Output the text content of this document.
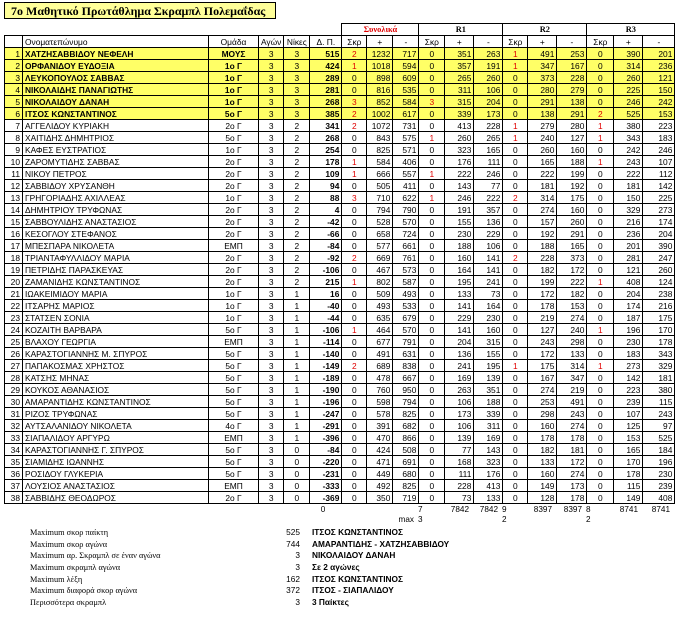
7ο Μαθητικό Πρωτάθλημα Σκραμπλ Πολεμαΐδας
						Συνολικά			R1			R2			R3		
	Ονοματεπώνυμο	Ομάδα	Αγών	Νίκες	Δ. Π.	Σκρ	+	-	Σκρ	+	-	Σκρ	+	-	Σκρ	+	-
1	ΧΑΤΖΗΣΑΒΒΙΔΟΥ ΝΕΦΕΛΗ	ΜΟΥΣ	3	3	515	2	1232	717	0	351	263	1	491	253	0	390	201
2	ΟΡΦΑΝΙΔΟΥ ΕΥΔΟΞΙΑ	1ο Γ	3	3	424	1	1018	594	0	357	191	1	347	167	0	314	236
3	ΛΕΥΚΟΠΟΥΛΟΣ ΣΑΒΒΑΣ	1ο Γ	3	3	289	0	898	609	0	265	260	0	373	228	0	260	121
4	ΝΙΚΟΛΑΙΔΗΣ ΠΑΝΑΓΙΩΤΗΣ	1ο Γ	3	3	281	0	816	535	0	311	106	0	280	279	0	225	150
5	ΝΙΚΟΛΑΙΔΟΥ ΔΑΝΑΗ	1ο Γ	3	3	268	3	852	584	3	315	204	0	291	138	0	246	242
6	ΙΤΣΟΣ ΚΩΝΣΤΑΝΤΙΝΟΣ	5ο Γ	3	3	385	2	1002	617	0	339	173	0	138	291	2	525	153
7	ΑΓΓΕΛΙΔΟΥ ΚΥΡΙΑΚΗ	2ο Γ	3	2	341	2	1072	731	0	413	228	1	279	280	1	380	223
8	ΧΑΙΤΙΔΗΣ ΔΗΜΗΤΡΙΟΣ	5ο Γ	3	2	268	0	843	575	1	260	265	1	240	127	1	343	183
9	ΚΑΦΕΣ ΕΥΣΤΡΑΤΙΟΣ	1ο Γ	3	2	254	0	825	571	0	323	165	0	260	160	0	242	246
10	ΖΑΡΟΜΥΤΙΔΗΣ ΣΑΒΒΑΣ	2ο Γ	3	2	178	1	584	406	0	176	111	0	165	188	1	243	107
11	ΝΙΚΟΥ ΠΕΤΡΟΣ	2ο Γ	3	2	109	1	666	557	1	222	246	0	222	199	0	222	112
12	ΣΑΒΒΙΔΟΥ ΧΡΥΣΑΝΘΗ	2ο Γ	3	2	94	0	505	411	0	143	77	0	181	192	0	181	142
13	ΓΡΗΓΟΡΙΑΔΗΣ ΑΧΙΛΛΕΑΣ	1ο Γ	3	2	88	3	710	622	1	246	222	2	314	175	0	150	225
14	ΔΗΜΗΤΡΙΟΥ ΤΡΥΦΩΝΑΣ	2ο Γ	3	2	4	0	794	790	0	191	357	0	274	160	0	329	273
15	ΣΑΒΒΟΥΛΙΔΗΣ ΑΝΑΣΤΑΣΙΟΣ	2ο Γ	3	2	-42	0	528	570	0	155	136	0	157	260	0	216	174
16	ΚΕΣΟΓΛΟΥ ΣΤΕΦΑΝΟΣ	2ο Γ	3	2	-66	0	658	724	0	230	229	0	192	291	0	236	204
17	ΜΠΕΣΠΑΡΑ ΝΙΚΟΛΕΤΑ	ΕΜΠ	3	2	-84	0	577	661	0	188	106	0	188	165	0	201	390
18	ΤΡΙΑΝΤΑΦΥΛΛΙΔΟΥ ΜΑΡΙΑ	2ο Γ	3	2	-92	2	669	761	0	160	141	2	228	373	0	281	247
19	ΠΕΤΡΙΔΗΣ ΠΑΡΑΣΚΕΥΑΣ	2ο Γ	3	2	-106	0	467	573	0	164	141	0	182	172	0	121	260
20	ΖΑΜΑΝΙΔΗΣ ΚΩΝΣΤΑΝΤΙΝΟΣ	2ο Γ	3	2	215	1	802	587	0	195	241	0	199	222	1	408	124
21	ΙΩΑΚΕΙΜΙΔΟΥ ΜΑΡΙΑ	1ο Γ	3	1	16	0	509	493	0	133	73	0	172	182	0	204	238
22	ΙΤΣΑΡΗΣ ΜΑΡΙΟΣ	1ο Γ	3	1	-40	0	493	533	0	141	164	0	178	153	0	174	216
23	ΣΤΑΤΣΕΝ ΣΟΝΙΑ	1ο Γ	3	1	-44	0	635	679	0	229	230	0	219	274	0	187	175
24	ΚΟΖΑΙΤΗ ΒΑΡΒΑΡΑ	5ο Γ	3	1	-106	1	464	570	0	141	160	0	127	240	1	196	170
25	ΒΛΑΧΟΥ ΓΕΩΡΓΙΑ	ΕΜΠ	3	1	-114	0	677	791	0	204	315	0	243	298	0	230	178
26	ΚΑΡΑΣΤΟΓΙΑΝΝΗΣ Μ. ΣΠΥΡΟΣ	5ο Γ	3	1	-140	0	491	631	0	136	155	0	172	133	0	183	343
27	ΠΑΠΑΚΟΣΜΑΣ ΧΡΗΣΤΟΣ	5ο Γ	3	1	-149	2	689	838	0	241	195	1	175	314	1	273	329
28	ΚΑΤΣΗΣ ΜΗΝΑΣ	5ο Γ	3	1	-189	0	478	667	0	169	139	0	167	347	0	142	181
29	ΚΟΥΚΟΣ ΑΘΑΝΑΣΙΟΣ	5ο Γ	3	1	-190	0	760	950	0	263	351	0	274	219	0	223	380
30	ΑΜΑΡΑΝΤΙΔΗΣ ΚΩΝΣΤΑΝΤΙΝΟΣ	5ο Γ	3	1	-196	0	598	794	0	106	188	0	253	491	0	239	115
31	ΡΙΖΟΣ ΤΡΥΦΩΝΑΣ	5ο Γ	3	1	-247	0	578	825	0	173	339	0	298	243	0	107	243
32	ΑΥΤΣΑΛΑΝΙΔΟΥ ΝΙΚΟΛΕΤΑ	4ο Γ	3	1	-291	0	391	682	0	106	311	0	160	274	0	125	97
33	ΣΙΑΠΑΛΙΔΟΥ ΑΡΓΥΡΩ	ΕΜΠ	3	1	-396	0	470	866	0	139	169	0	178	178	0	153	525
34	ΚΑΡΑΣΤΟΓΙΑΝΝΗΣ Γ. ΣΠΥΡΟΣ	5ο Γ	3	0	-84	0	424	508	0	77	143	0	182	181	0	165	184
35	ΣΙΑΜΙΔΗΣ ΙΩΑΝΝΗΣ	5ο Γ	3	0	-220	0	471	691	0	168	323	0	133	172	0	170	196
36	ΡΟΣΙΔΟΥ ΓΛΥΚΕΡΙΑ	5ο Γ	3	0	-231	0	449	680	0	111	176	0	160	274	0	178	230
37	ΛΟΥΣΙΟΣ ΑΝΑΣΤΑΣΙΟΣ	ΕΜΠ	3	0	-333	0	492	825	0	228	413	0	149	173	0	115	239
38	ΣΑΒΒΙΔΗΣ ΘΕΟΔΩΡΟΣ	2ο Γ	3	0	-369	0	350	719	0	73	133	0	128	178	0	149	408
	0				7	7842	7842	9	8397	8397	8	8741	8741
				max	3			2			2		
Maximum σκορ παίκτη	525	ΙΤΣΟΣ ΚΩΝΣΤΑΝΤΙΝΟΣ
Maximum σκορ αγώνα	744	ΑΜΑΡΑΝΤΙΔΗΣ - ΧΑΤΖΗΣΑΒΒΙΔΟΥ
Maximum αρ. Σκραμπλ σε έναν αγώνα	3	ΝΙΚΟΛΑΙΔΟΥ ΔΑΝΑΗ
Maximum σκραμπλ αγώνα	3	Σε 2 αγώνες
Maximum λέξη	162	ΙΤΣΟΣ ΚΩΝΣΤΑΝΤΙΝΟΣ
Maximum διαφορά σκορ αγώνα	372	ΙΤΣΟΣ - ΣΙΑΠΑΛΙΔΟΥ
Περισσότερα σκραμπλ	3	3 Παίκτες
